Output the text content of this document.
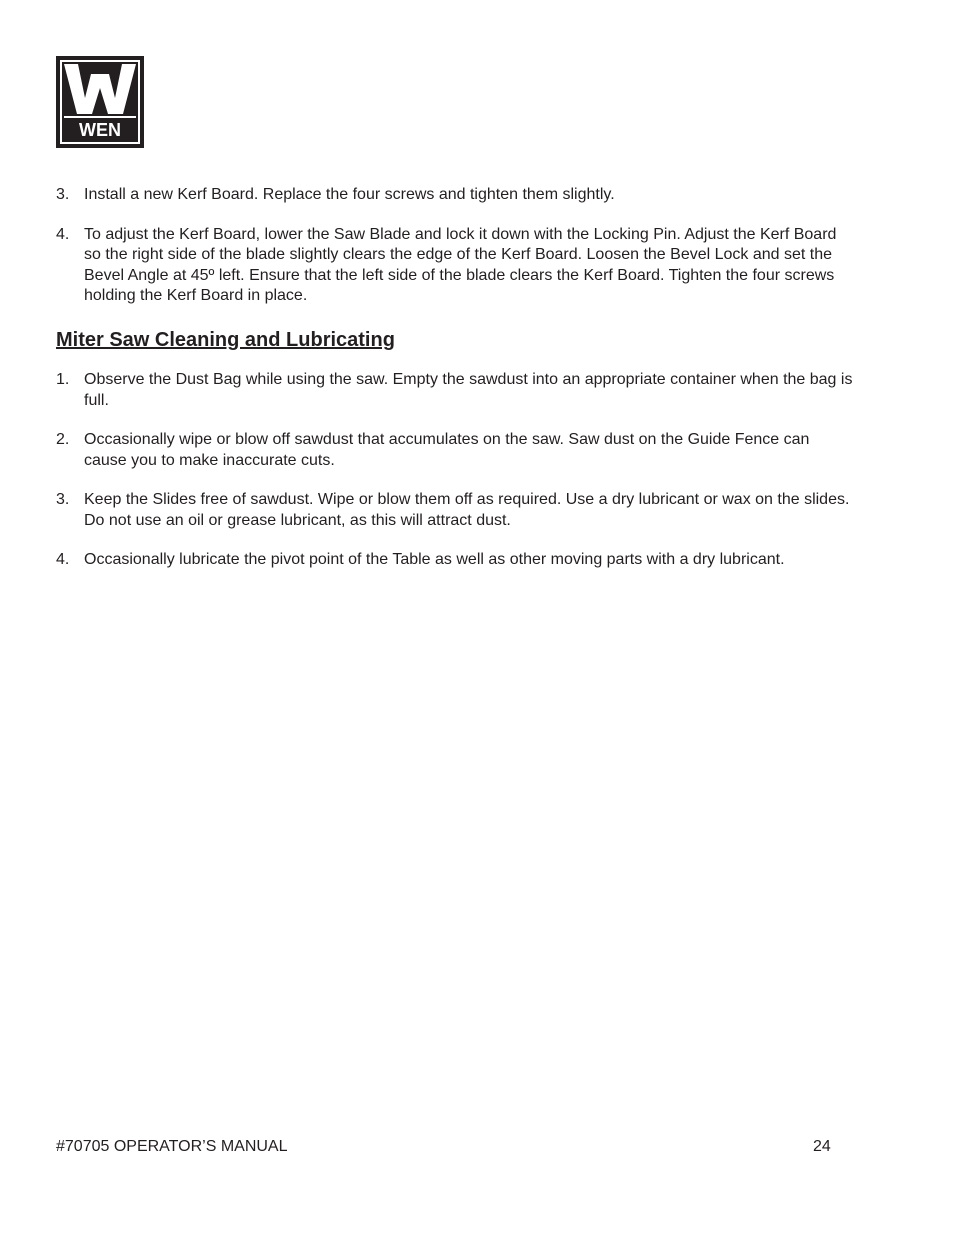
WEN
3. Install a new Kerf Board. Replace the four screws and tighten them slightly.
4. To adjust the Kerf Board, lower the Saw Blade and lock it down with the Locking Pin. Adjust the Kerf Board so the right side of the blade slightly clears the edge of the Kerf Board. Loosen the Bevel Lock and set the Bevel Angle at 45º left. Ensure that the left side of the blade clears the Kerf Board. Tighten the four screws holding the Kerf Board in place.
Miter Saw Cleaning and Lubricating
1. Observe the Dust Bag while using the saw. Empty the sawdust into an appropriate container when the bag is full.
2. Occasionally wipe or blow off sawdust that accumulates on the saw. Saw dust on the Guide Fence can cause you to make inaccurate cuts.
3. Keep the Slides free of sawdust. Wipe or blow them off as required. Use a dry lubricant or wax on the slides. Do not use an oil or grease lubricant, as this will attract dust.
4. Occasionally lubricate the pivot point of the Table as well as other moving parts with a dry lubricant.
#70705 OPERATOR’S MANUAL	24
